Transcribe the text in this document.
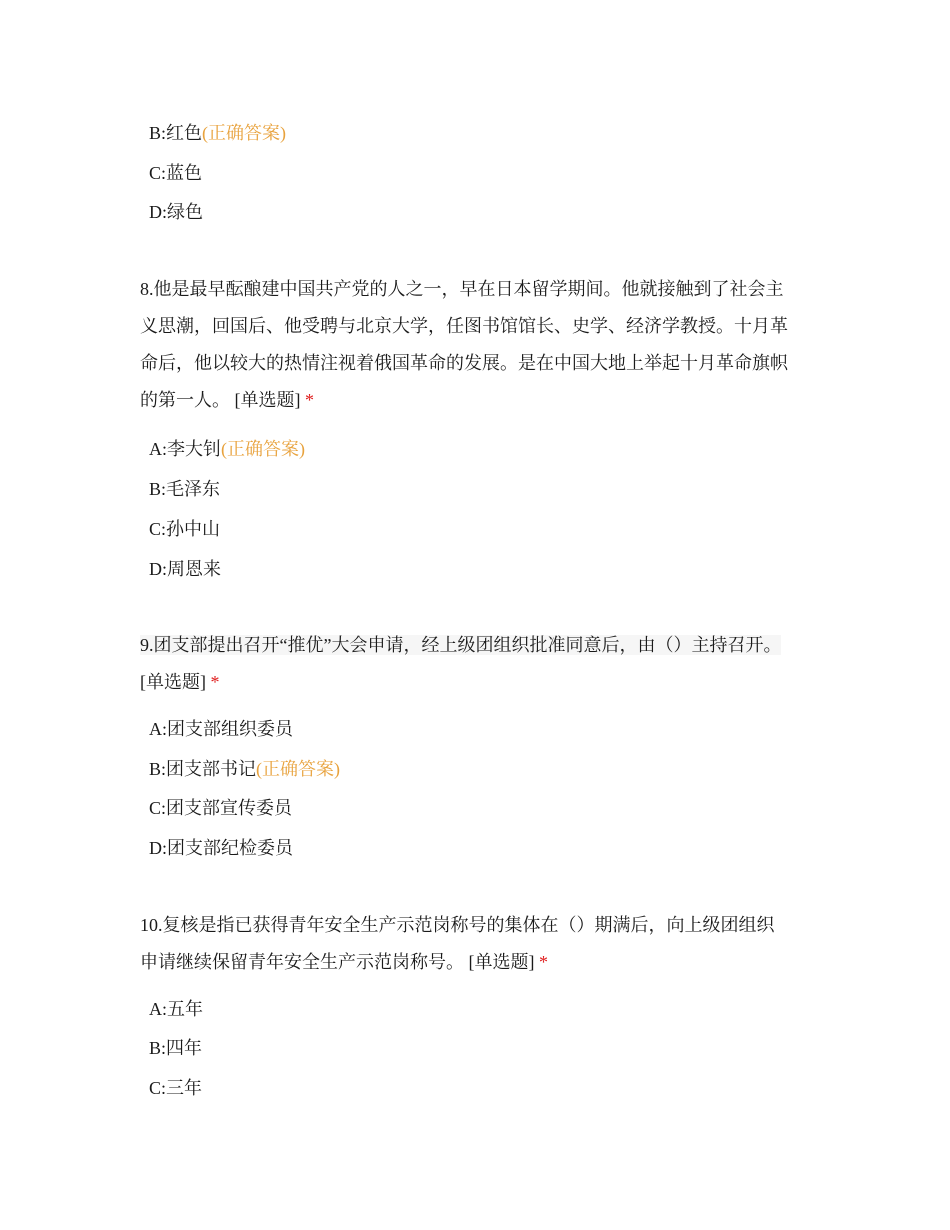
B:红色(正确答案)
C:蓝色
D:绿色
8.他是最早酝酿建中国共产党的人之一，早在日本留学期间。他就接触到了社会主
义思潮，回国后、他受聘与北京大学，任图书馆馆长、史学、经济学教授。十月革
命后，他以较大的热情注视着俄国革命的发展。是在中国大地上举起十月革命旗帜
的第一人。 [单选题] *
A:李大钊(正确答案)
B:毛泽东
C:孙中山
D:周恩来
9.团支部提出召开“推优”大会申请，经上级团组织批准同意后，由（）主持召开。
[单选题] *
A:团支部组织委员
B:团支部书记(正确答案)
C:团支部宣传委员
D:团支部纪检委员
10.复核是指已获得青年安全生产示范岗称号的集体在（）期满后，向上级团组织
申请继续保留青年安全生产示范岗称号。 [单选题] *
A:五年
B:四年
C:三年
